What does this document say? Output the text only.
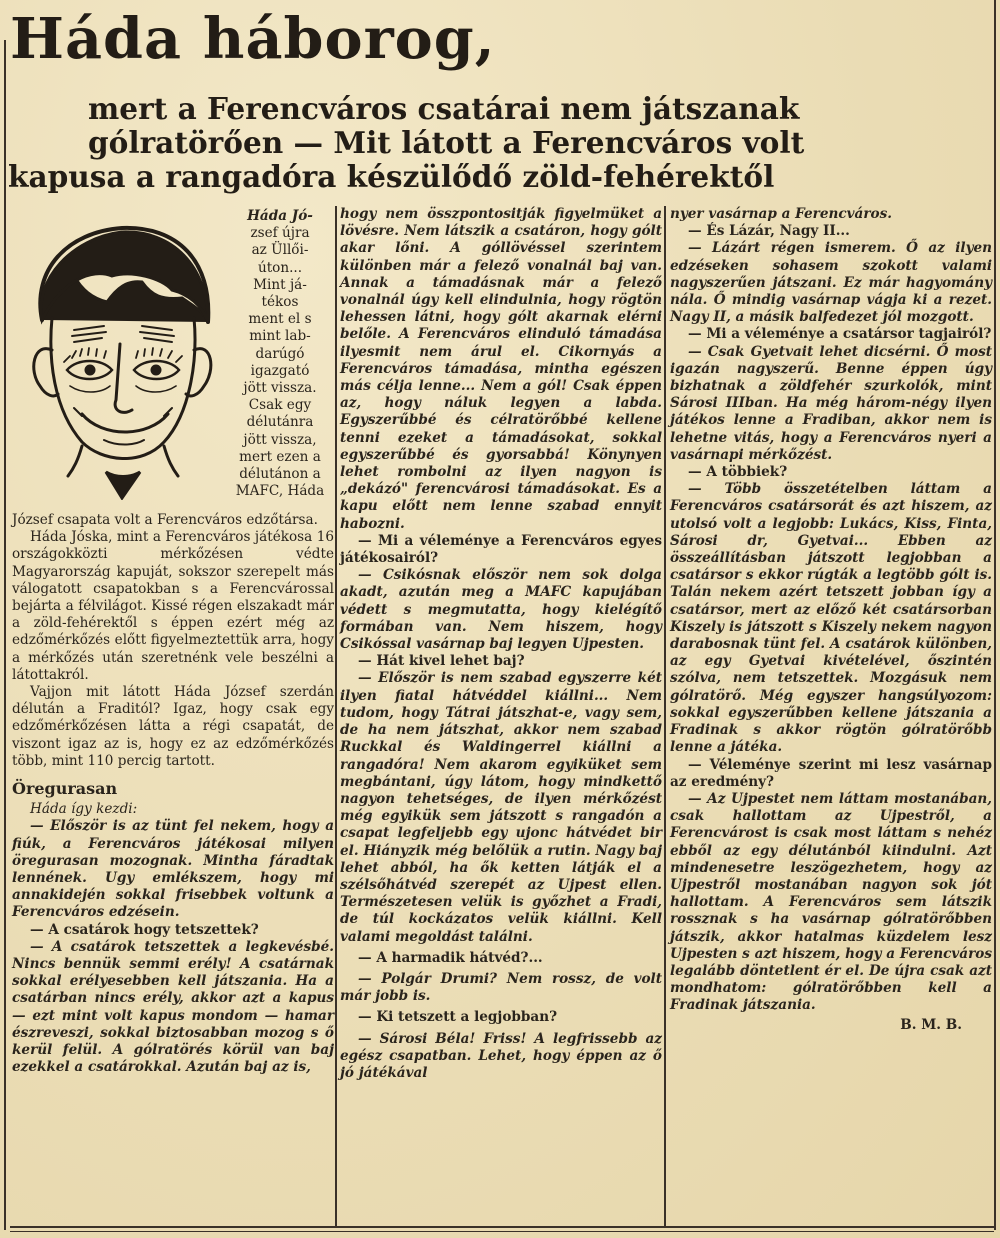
Háda háborog,
mert a Ferencváros csatárai nem játszanak
gólratörően — Mit látott a Ferencváros volt
kapusa a rangadóra készülődő zöld-fehérektől
Háda Jó-
zsef újra
az Üllői-
úton...
Mint já-
tékos
ment el s
mint lab-
darúgó
igazgató
jött vissza.
Csak egy
délutánra
jött vissza,
mert ezen a
délutánon a
MAFC, Háda

József csapata volt a Ferencváros edzőtársa.

Háda Jóska, mint a Ferencváros játékosa 16 országokközti mérkőzésen védte Magyarország kapuját, sokszor szerepelt más válogatott csapatokban s a Ferencvárossal bejárta a félvilágot. Kissé régen elszakadt már a zöld-fehérektől s éppen ezért még az edzőmérkőzés előtt figyelmeztettük arra, hogy a mérkőzés után szeretnénk vele beszélni a látottakról.

Vajjon mit látott Háda József szerdán délután a Fraditól? Igaz, hogy csak egy edzőmérkőzésen látta a régi csapatát, de viszont igaz az is, hogy ez az edzőmérkőzés több, mint 110 percig tartott.

Öregurasan

Háda így kezdi:

— Először is az tünt fel nekem, hogy a fiúk, a Ferencváros játékosai milyen öregurasan mozognak. Mintha fáradtak lennének. Ugy emlékszem, hogy mi annakidején sokkal frisebbek voltunk a Ferencváros edzésein.

— A csatárok hogy tetszettek?

— A csatárok tetszettek a legkevésbé. Nincs bennük semmi erély! A csatárnak sokkal erélyesebben kell játszania. Ha a csatárban nincs erély, akkor azt a kapus — ezt mint volt kapus mondom — hamar észreveszi, sokkal biztosabban mozog s ő kerül felül. A gólratörés körül van baj ezekkel a csatárokkal. Azután baj az is,

hogy nem összpontositják figyelmüket a lövésre. Nem látszik a csatáron, hogy gólt akar lőni. A góllövéssel szerintem különben már a felező vonalnál baj van. Annak a támadásnak már a felező vonalnál úgy kell elindulnia, hogy rögtön lehessen látni, hogy gólt akarnak elérni belőle. A Ferencváros elinduló támadása ilyesmit nem árul el. Cikornyás a Ferencváros támadása, mintha egészen más célja lenne... Nem a gól! Csak éppen az, hogy náluk legyen a labda. Egyszerűbbé és célratörőbbé kellene tenni ezeket a támadásokat, sokkal egyszerűbbé és gyorsabbá! Könynyen lehet rombolni az ilyen nagyon is „dekázó" ferencvárosi támadásokat. Es a kapu előtt nem lenne szabad ennyit habozni.

— Mi a véleménye a Ferencváros egyes játékosairól?

— Csikósnak először nem sok dolga akadt, azután meg a MAFC kapujában védett s megmutatta, hogy kielégítő formában van. Nem hiszem, hogy Csikóssal vasárnap baj legyen Ujpesten.

— Hát kivel lehet baj?

— Először is nem szabad egyszerre két ilyen fiatal hátvéddel kiállni... Nem tudom, hogy Tátrai játszhat-e, vagy sem, de ha nem játszhat, akkor nem szabad Ruckkal és Waldingerrel kiállni a rangadóra! Nem akarom egyiküket sem megbántani, úgy látom, hogy mindkettő nagyon tehetséges, de ilyen mérkőzést még egyikük sem játszott s rangadón a csapat legfeljebb egy ujonc hátvédet bir el. Hiányzik még belőlük a rutin. Nagy baj lehet abból, ha ők ketten látják el a szélsőhátvéd szerepét az Ujpest ellen. Természetesen velük is győzhet a Fradi, de túl kockázatos velük kiállni. Kell valami megoldást találni.

— A harmadik hátvéd?...

— Polgár Drumi? Nem rossz, de volt már jobb is.

— Ki tetszett a legjobban?

— Sárosi Béla! Friss! A legfrissebb az egész csapatban. Lehet, hogy éppen az ő jó játékával

nyer vasárnap a Ferencváros.

— És Lázár, Nagy II...

— Lázárt régen ismerem. Ő az ilyen edzéseken sohasem szokott valami nagyszerűen játszani. Ez már hagyomány nála. Ő mindig vasárnap vágja ki a rezet. Nagy II, a másik balfedezet jól mozgott.

— Mi a véleménye a csatársor tagjairól?

— Csak Gyetvait lehet dicsérni. Ő most igazán nagyszerű. Benne éppen úgy bizhatnak a zöldfehér szurkolók, mint Sárosi IIIban. Ha még három-négy ilyen játékos lenne a Fradiban, akkor nem is lehetne vitás, hogy a Ferencváros nyeri a vasárnapi mérkőzést.

— A többiek?

— Több összetételben láttam a Ferencváros csatársorát és azt hiszem, az utolsó volt a legjobb: Lukács, Kiss, Finta, Sárosi dr, Gyetvai... Ebben az összeállításban játszott legjobban a csatársor s ekkor rúgták a legtöbb gólt is. Talán nekem azért tetszett jobban így a csatársor, mert az előző két csatársorban Kiszely is játszott s Kiszely nekem nagyon darabosnak tünt fel. A csatárok különben, az egy Gyetvai kivételével, őszintén szólva, nem tetszettek. Mozgásuk nem gólratörő. Még egyszer hangsúlyozom: sokkal egyszerűbben kellene játszania a Fradinak s akkor rögtön gólratörőbb lenne a játéka.

— Véleménye szerint mi lesz vasárnap az eredmény?

— Az Ujpestet nem láttam mostanában, csak hallottam az Ujpestről, a Ferencvárost is csak most láttam s nehéz ebből az egy délutánból kiindulni. Azt mindenesetre leszögezhetem, hogy az Ujpestről mostanában nagyon sok jót hallottam. A Ferencváros sem látszik rossznak s ha vasárnap gólratörőbben játszik, akkor hatalmas küzdelem lesz Ujpesten s azt hiszem, hogy a Ferencváros legalább döntetlent ér el. De újra csak azt mondhatom: gólratörőbben kell a Fradinak játszania.

B. M. B.
